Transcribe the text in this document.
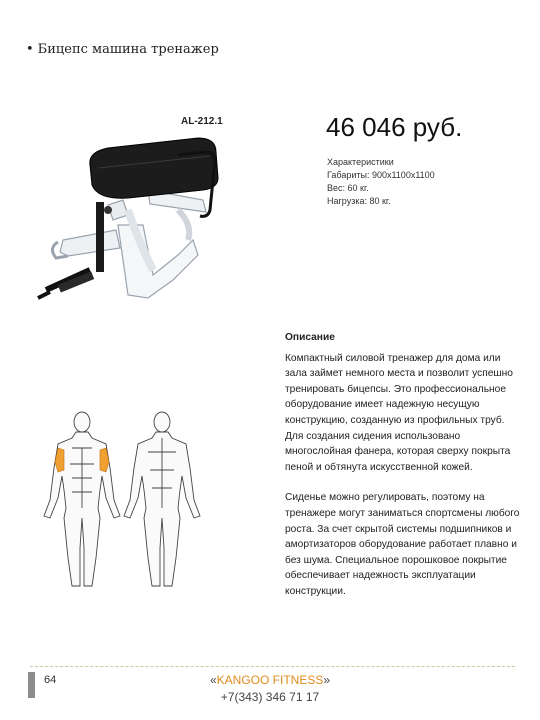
• Бицепс машина тренажер
AL-212.1	46 046 руб.
Характеристики
Габариты: 900х1100х1100
Вес: 60 кг.
Нагрузка: 80 кг.
Описание

Компактный силовой тренажер для дома или зала займет немного места и позволит успешно тренировать бицепсы. Это профессиональное оборудование имеет надежную несущую конструкцию, созданную из профильных труб. Для создания сидения использовано многослойная фанера, которая сверху покрыта пеной и обтянута искусственной кожей.

Сиденье можно регулировать, поэтому на тренажере могут заниматься спортсмены любого роста. За счет скрытой системы подшипников и амортизаторов оборудование работает плавно и без шума. Специальное порошковое покрытие обеспечивает надежность эксплуатации конструкции.

64	«KANGOO FITNESS»
+7(343) 346 71 17
